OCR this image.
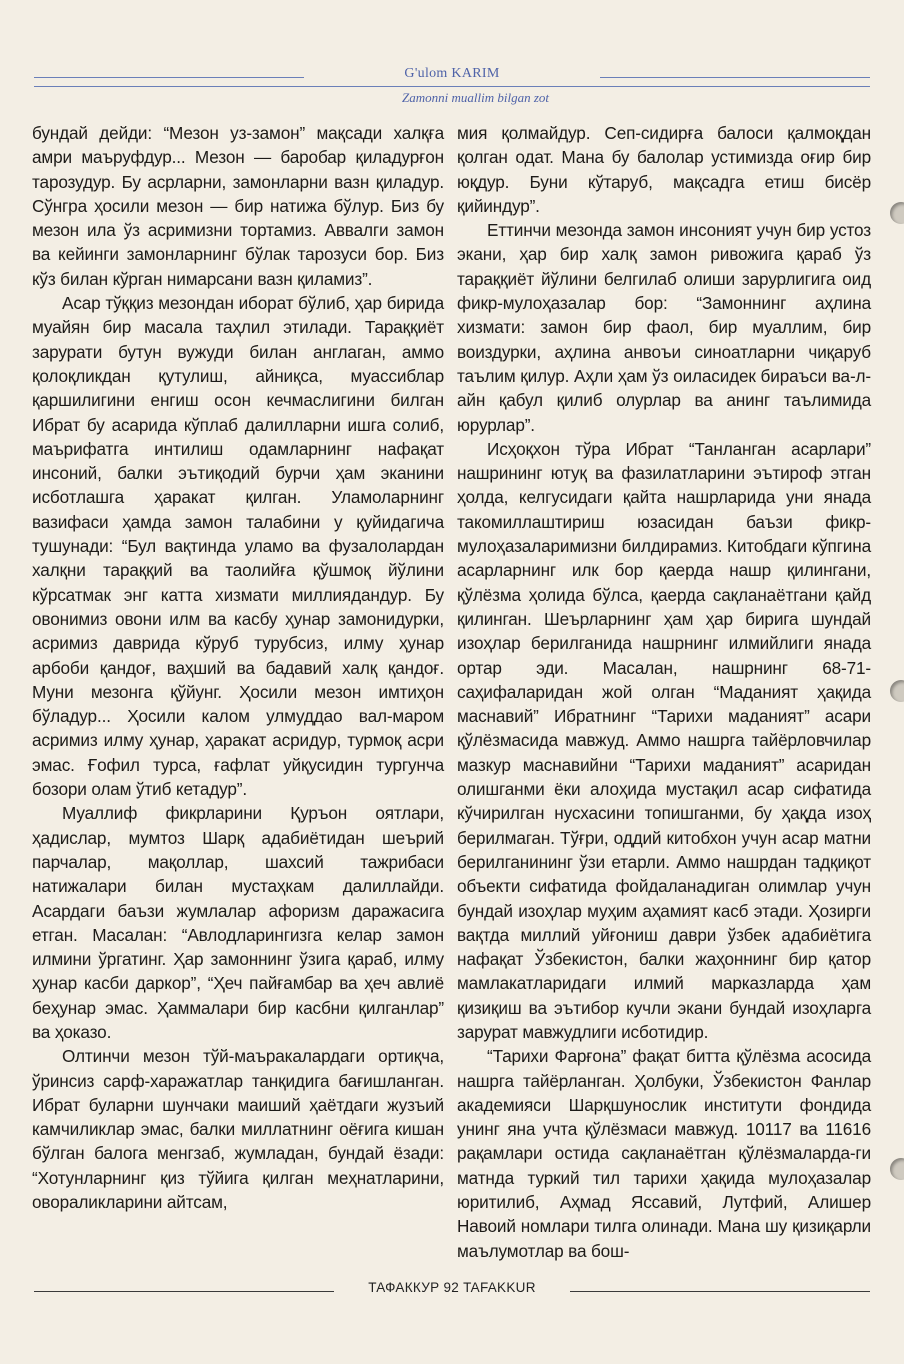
G'ulom KARIM
Zamonni muallim bilgan zot

бундай дейди: “Мезон уз-замон” мақсади халқға амри маъруфдур... Мезон — баробар қиладурғон тарозудур. Бу асрларни, замонларни вазн қиладур. Сўнгра ҳосили мезон — бир натижа бўлур. Биз бу мезон ила ўз асримизни тортамиз. Аввалги замон ва кейинги замонларнинг бўлак тарозуси бор. Биз кўз билан кўрган нимарсани вазн қиламиз”.

Асар тўққиз мезондан иборат бўлиб, ҳар бирида муайян бир масала таҳлил этилади. Тараққиёт зарурати бутун вужуди билан англаган, аммо қолоқликдан қутулиш, айниқса, муассиблар қаршилигини енгиш осон кечмаслигини билган Ибрат бу асарида кўплаб далилларни ишга солиб, маърифатга интилиш одамларнинг нафақат инсоний, балки эътиқодий бурчи ҳам эканини исботлашга ҳаракат қилган. Уламоларнинг вазифаси ҳамда замон талабини у қуйидагича тушунади: “Бул вақтинда уламо ва фузалолардан халқни тараққий ва таолийға қўшмоқ йўлини кўрсатмак энг катта хизмати миллиядандур. Бу овонимиз овони илм ва касбу ҳунар замонидурки, асримиз даврида кўруб турубсиз, илму ҳунар арбоби қандоғ, ваҳший ва бадавий халқ қандоғ. Муни мезонга қўйунг. Ҳосили мезон имтиҳон бўладур... Ҳосили калом улмуддао вал-маром асримиз илму ҳунар, ҳаракат асридур, турмоқ асри эмас. Ғофил турса, ғафлат уйқусидин тургунча бозори олам ўтиб кетадур”.

Муаллиф фикрларини Қуръон оятлари, ҳадислар, мумтоз Шарқ адабиётидан шеърий парчалар, мақоллар, шахсий тажрибаси натижалари билан мустаҳкам далиллайди. Асардаги баъзи жумлалар афоризм даражасига етган. Масалан: “Авлодларингизга келар замон илмини ўргатинг. Ҳар замоннинг ўзига қараб, илму ҳунар касби даркор”, “Ҳеч пайғамбар ва ҳеч авлиё беҳунар эмас. Ҳаммалари бир касбни қилганлар” ва ҳоказо.

Олтинчи мезон тўй-маъракалардаги ортиқча, ўринсиз сарф-харажатлар танқидига бағишланган. Ибрат буларни шунчаки маиший ҳаётдаги жузъий камчиликлар эмас, балки миллатнинг оёғига кишан бўлган балога менгзаб, жумладан, бундай ёзади: “Хотунларнинг қиз тўйига қилган меҳнатларини, овораликларини айтсам,

мия қолмайдур. Сеп-сидирға балоси қалмоқдан қолган одат. Мана бу балолар устимизда оғир бир юқдур. Буни кўтаруб, мақсадга етиш бисёр қийиндур”.

Еттинчи мезонда замон инсоният учун бир устоз экани, ҳар бир халқ замон ривожига қараб ўз тараққиёт йўлини белгилаб олиши зарурлигига оид фикр-мулоҳазалар бор: “Замоннинг аҳлина хизмати: замон бир фаол, бир муаллим, бир воиздурки, аҳлина анвоъи синоатларни чиқаруб таълим қилур. Аҳли ҳам ўз оиласидек бираъси ва-л-айн қабул қилиб олурлар ва анинг таълимида юрурлар”.

Исҳоқхон тўра Ибрат “Танланган асарлари” нашрининг ютуқ ва фазилатларини эътироф этган ҳолда, келгусидаги қайта нашрларида уни янада такомиллаштириш юзасидан баъзи фикр-мулоҳазаларимизни билдирамиз. Китобдаги кўпгина асарларнинг илк бор қаерда нашр қилингани, қўлёзма ҳолида бўлса, қаерда сақланаётгани қайд қилинган. Шеърларнинг ҳам ҳар бирига шундай изоҳлар берилганида нашрнинг илмийлиги янада ортар эди. Масалан, нашрнинг 68-71-саҳифаларидан жой олган “Маданият ҳақида маснавий” Ибратнинг “Тарихи маданият” асари қўлёзмасида мавжуд. Аммо нашрга тайёрловчилар мазкур маснавийни “Тарихи маданият” асаридан олишганми ёки алоҳида мустақил асар сифатида кўчирилган нусхасини топишганми, бу ҳақда изоҳ берилмаган. Тўғри, оддий китобхон учун асар матни берилганининг ўзи етарли. Аммо нашрдан тадқиқот объекти сифатида фойдаланадиган олимлар учун бундай изоҳлар муҳим аҳамият касб этади. Ҳозирги вақтда миллий уйғониш даври ўзбек адабиётига нафақат Ўзбекистон, балки жаҳоннинг бир қатор мамлакатларидаги илмий марказларда ҳам қизиқиш ва эътибор кучли экани бундай изоҳларга зарурат мавжудлиги исботидир.

“Тарихи Фарғона” фақат битта қўлёзма асосида нашрга тайёрланган. Ҳолбуки, Ўзбекистон Фанлар академияси Шарқшунослик институти фондида унинг яна учта қўлёзмаси мавжуд. 10117 ва 11616 рақамлари остида сақланаётган қўлёзмаларда-ги матнда туркий тил тарихи ҳақида мулоҳазалар юритилиб, Аҳмад Яссавий, Лутфий, Алишер Навоий номлари тилга олинади. Мана шу қизиқарли маълумотлар ва бош-

ТАФАККУР 92 TAFAKKUR
